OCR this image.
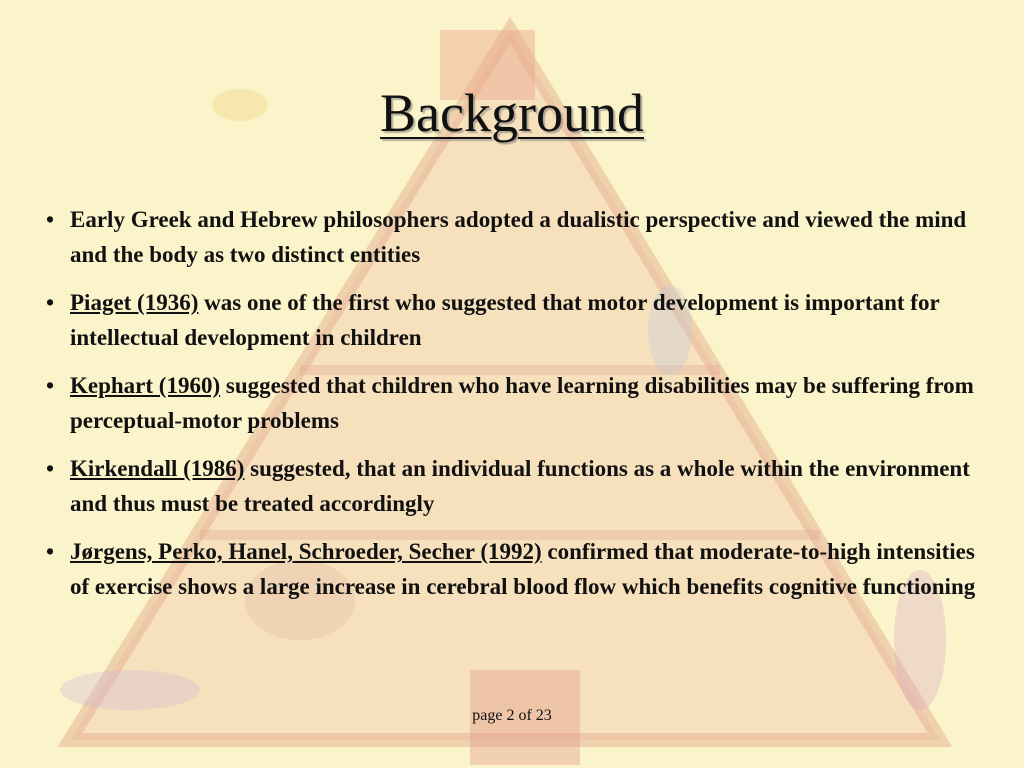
Background
• Early Greek and Hebrew philosophers adopted a dualistic perspective and viewed the mind and the body as two distinct entities
• Piaget (1936) was one of the first who suggested that motor development is important for intellectual development in children
• Kephart (1960) suggested that children who have learning disabilities may be suffering from perceptual-motor problems
• Kirkendall (1986) suggested, that an individual functions as a whole within the environment and thus must be treated accordingly
• Jørgens, Perko, Hanel, Schroeder, Secher (1992) confirmed that moderate-to-high intensities of exercise shows a large increase in cerebral blood flow which benefits cognitive functioning
page 2 of 23
